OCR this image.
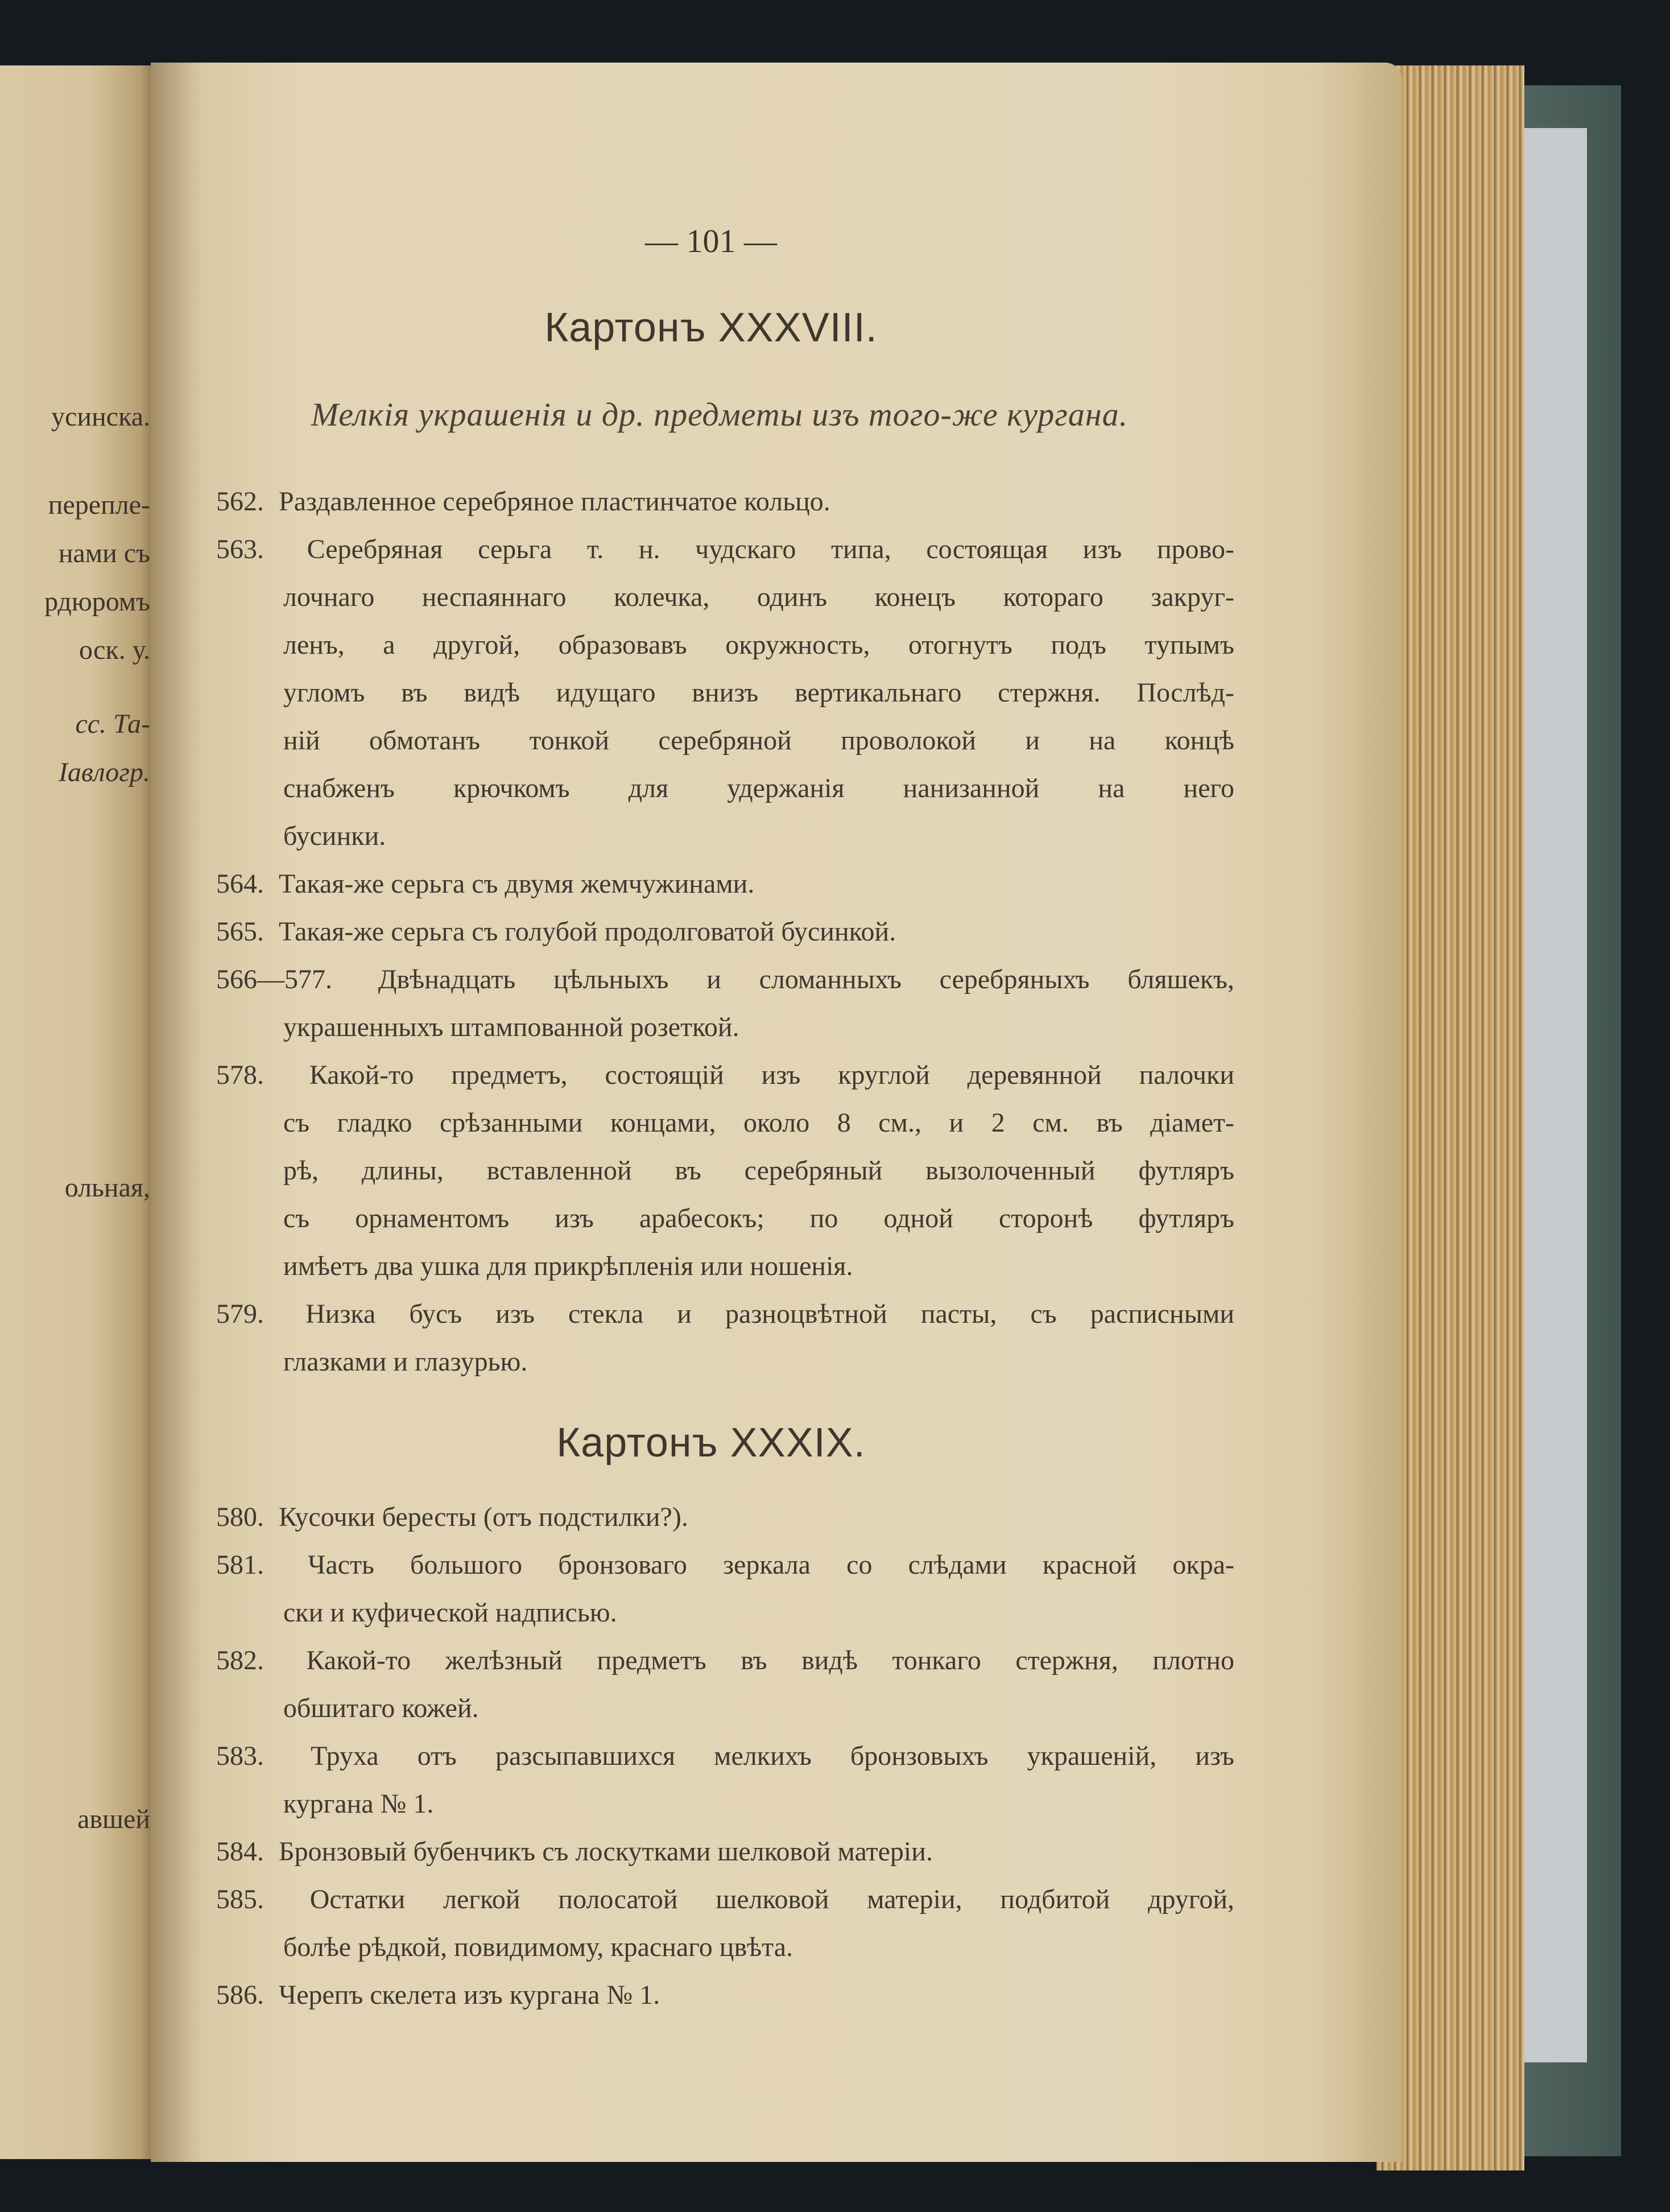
усинска.
перепле-
нами съ
рдюромъ
оск. у.
сс. Та-
Іавлогр.
ольная,
авшей
— 101 —
Картонъ XXXVIII.
Мелкія украшенія и др. предметы изъ того-же кургана.
562. Раздавленное серебряное пластинчатое кольцо.
563. Серебряная серьга т. н. чудскаго типа, состоящая изъ прово-
лочнаго неспаяннаго колечка, одинъ конецъ котораго закруг-
ленъ, а другой, образовавъ окружность, отогнутъ подъ тупымъ
угломъ въ видѣ идущаго внизъ вертикальнаго стержня. Послѣд-
ній обмотанъ тонкой серебряной проволокой и на концѣ
снабженъ крючкомъ для удержанія нанизанной на него
бусинки.
564. Такая-же серьга съ двумя жемчужинами.
565. Такая-же серьга съ голубой продолговатой бусинкой.
566—577. Двѣнадцать цѣльныхъ и сломанныхъ серебряныхъ бляшекъ,
украшенныхъ штампованной розеткой.
578. Какой-то предметъ, состоящій изъ круглой деревянной палочки
съ гладко срѣзанными концами, около 8 см., и 2 см. въ діамет-
рѣ, длины, вставленной въ серебряный вызолоченный футляръ
съ орнаментомъ изъ арабесокъ; по одной сторонѣ футляръ
имѣетъ два ушка для прикрѣпленія или ношенія.
579. Низка бусъ изъ стекла и разноцвѣтной пасты, съ расписными
глазками и глазурью.
Картонъ XXXIX.
580. Кусочки бересты (отъ подстилки?).
581. Часть большого бронзоваго зеркала со слѣдами красной окра-
ски и куфической надписью.
582. Какой-то желѣзный предметъ въ видѣ тонкаго стержня, плотно
обшитаго кожей.
583. Труха отъ разсыпавшихся мелкихъ бронзовыхъ украшеній, изъ
кургана № 1.
584. Бронзовый бубенчикъ съ лоскутками шелковой матеріи.
585. Остатки легкой полосатой шелковой матеріи, подбитой другой,
болѣе рѣдкой, повидимому, краснаго цвѣта.
586. Черепъ скелета изъ кургана № 1.
